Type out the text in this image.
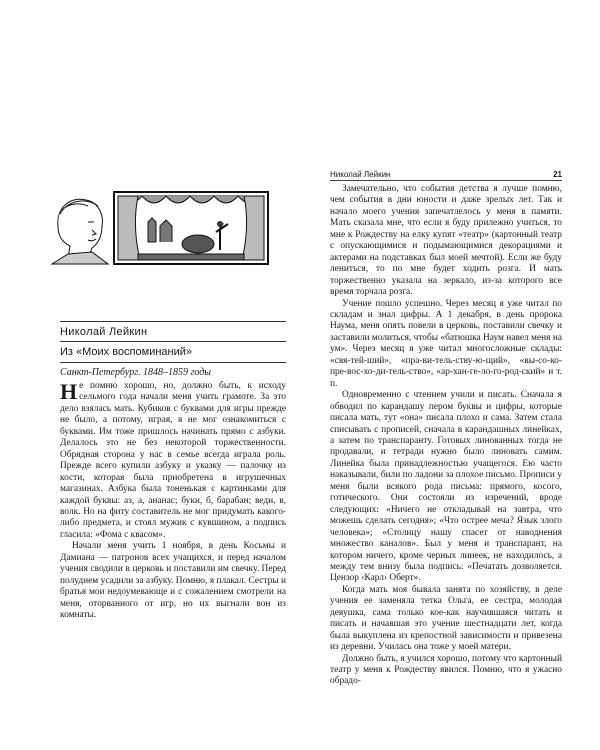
Николай Лейкин
Из «Моих воспоминаний»
Санкт-Петербург. 1848–1859 годы

Не помню хорошо, но, должно быть, к исходу сельмого года начали меня учить грамоте. За это дело взялась мать. Кубиков с буквами для игры прежде не было, а потому, играя, я не мог ознакомиться с буквами. Им тоже пришлось начинать прямо с азбуки. Делалось это не без некоторой торжественности. Обрядная сторона у нас в семье всегда играла роль. Прежде всего купили азбуку и указку — палочку из кости, которая была приобретена в игрушечных магазинах. Азбука была тоненькая с картинками для каждой буквы: аз, а, ананас; буки, б, барабан; веди, в, волк. Но на фиту составитель не мог придумать какого-либо предмета, и стоял мужик с кувшином, а подпись гласила: «Фома с квасом».

Начали меня учить 1 ноября, в день Косьмы и Дамиана — патронов всех учащихся, и перед началом учения сводили в церковь и поставили им свечку. Перед полуднем усадили за азбуку. Помню, я плакал. Сестры и братья мои недоумевающе и с сожалением смотрели на меня, оторванного от игр, но их выгнали вон из комнаты.

Николай Лейкин	21

Замечательно, что события детства я лучше помню, чем события в дни юности и даже зрелых лет. Так и начало моего учения запечатлелось у меня в памяти. Мать сказала мне, что если я буду прилежно учиться, то мне к Рождеству на елку купят «театр» (картонный театр с опускающимися и подымающимися декорациями и актерами на подставках был моей мечтой). Если же буду лениться, то по мне будет ходить розга. И мать торжественно указала на зеркало, из-за которого все время торчала розга.

Учение пошло успешно. Через месяц я уже читал по складам и знал цифры. А 1 декабря, в день пророка Наума, меня опять повели в церковь, поставили свечку и заставили молиться, чтобы «батюшка Наум навел меня на ум». Через месяц я уже читал многосложные склады: «свя-тей-ший», «пра-ви-тель-ству-ю-щий», «вы-со-ко-пре-вос-хо-ди-тель-ство», «ар-хан-ге-ло-го-род-ский» и т. п.

Одновременно с чтением учили и писать. Сначала я обводил по карандашу пером буквы и цифры, которые писала мать, тут «она» писала плохо и сама. Затем стала списывать с прописей, сначала в карандашных линейках, а затем по транспаранту. Готовых линованных тогда не продавали, и тетради нужно было линовать самим. Линейка была принадлежностью учащегося. Ею часто наказывали, били по ладони за плохое письмо. Прописи у меня были всякого рода письма: прямого, косого, готического. Они состояли из изречений, вроде следующих: «Ничего не откладывай на завтра, что можешь сделать сегодня»; «Что острее меча? Язык злого человека»; «Столицу нашу спасет от наводнения множество каналов». Был у меня и транспарант, на котором ничего, кроме черных линеек, не находилось, а между тем внизу была подпись: «Печатать дозволяется. Цензор ‹Карл› Оберт».

Когда мать моя бывала занята по хозяйству, в деле учения ее заменяла тетка Ольга, ее сестра, молодая девушка, сама только кое-как научившаяся читать и писать и начавшая это учение шестнадцати лет, когда была выкуплена из крепостной зависимости и привезена из деревни. Училась она тоже у моей матери.

Должно быть, я учился хорошо, потому что картонный театр у меня к Рождеству явился. Помню, что я ужасно обрадо-
